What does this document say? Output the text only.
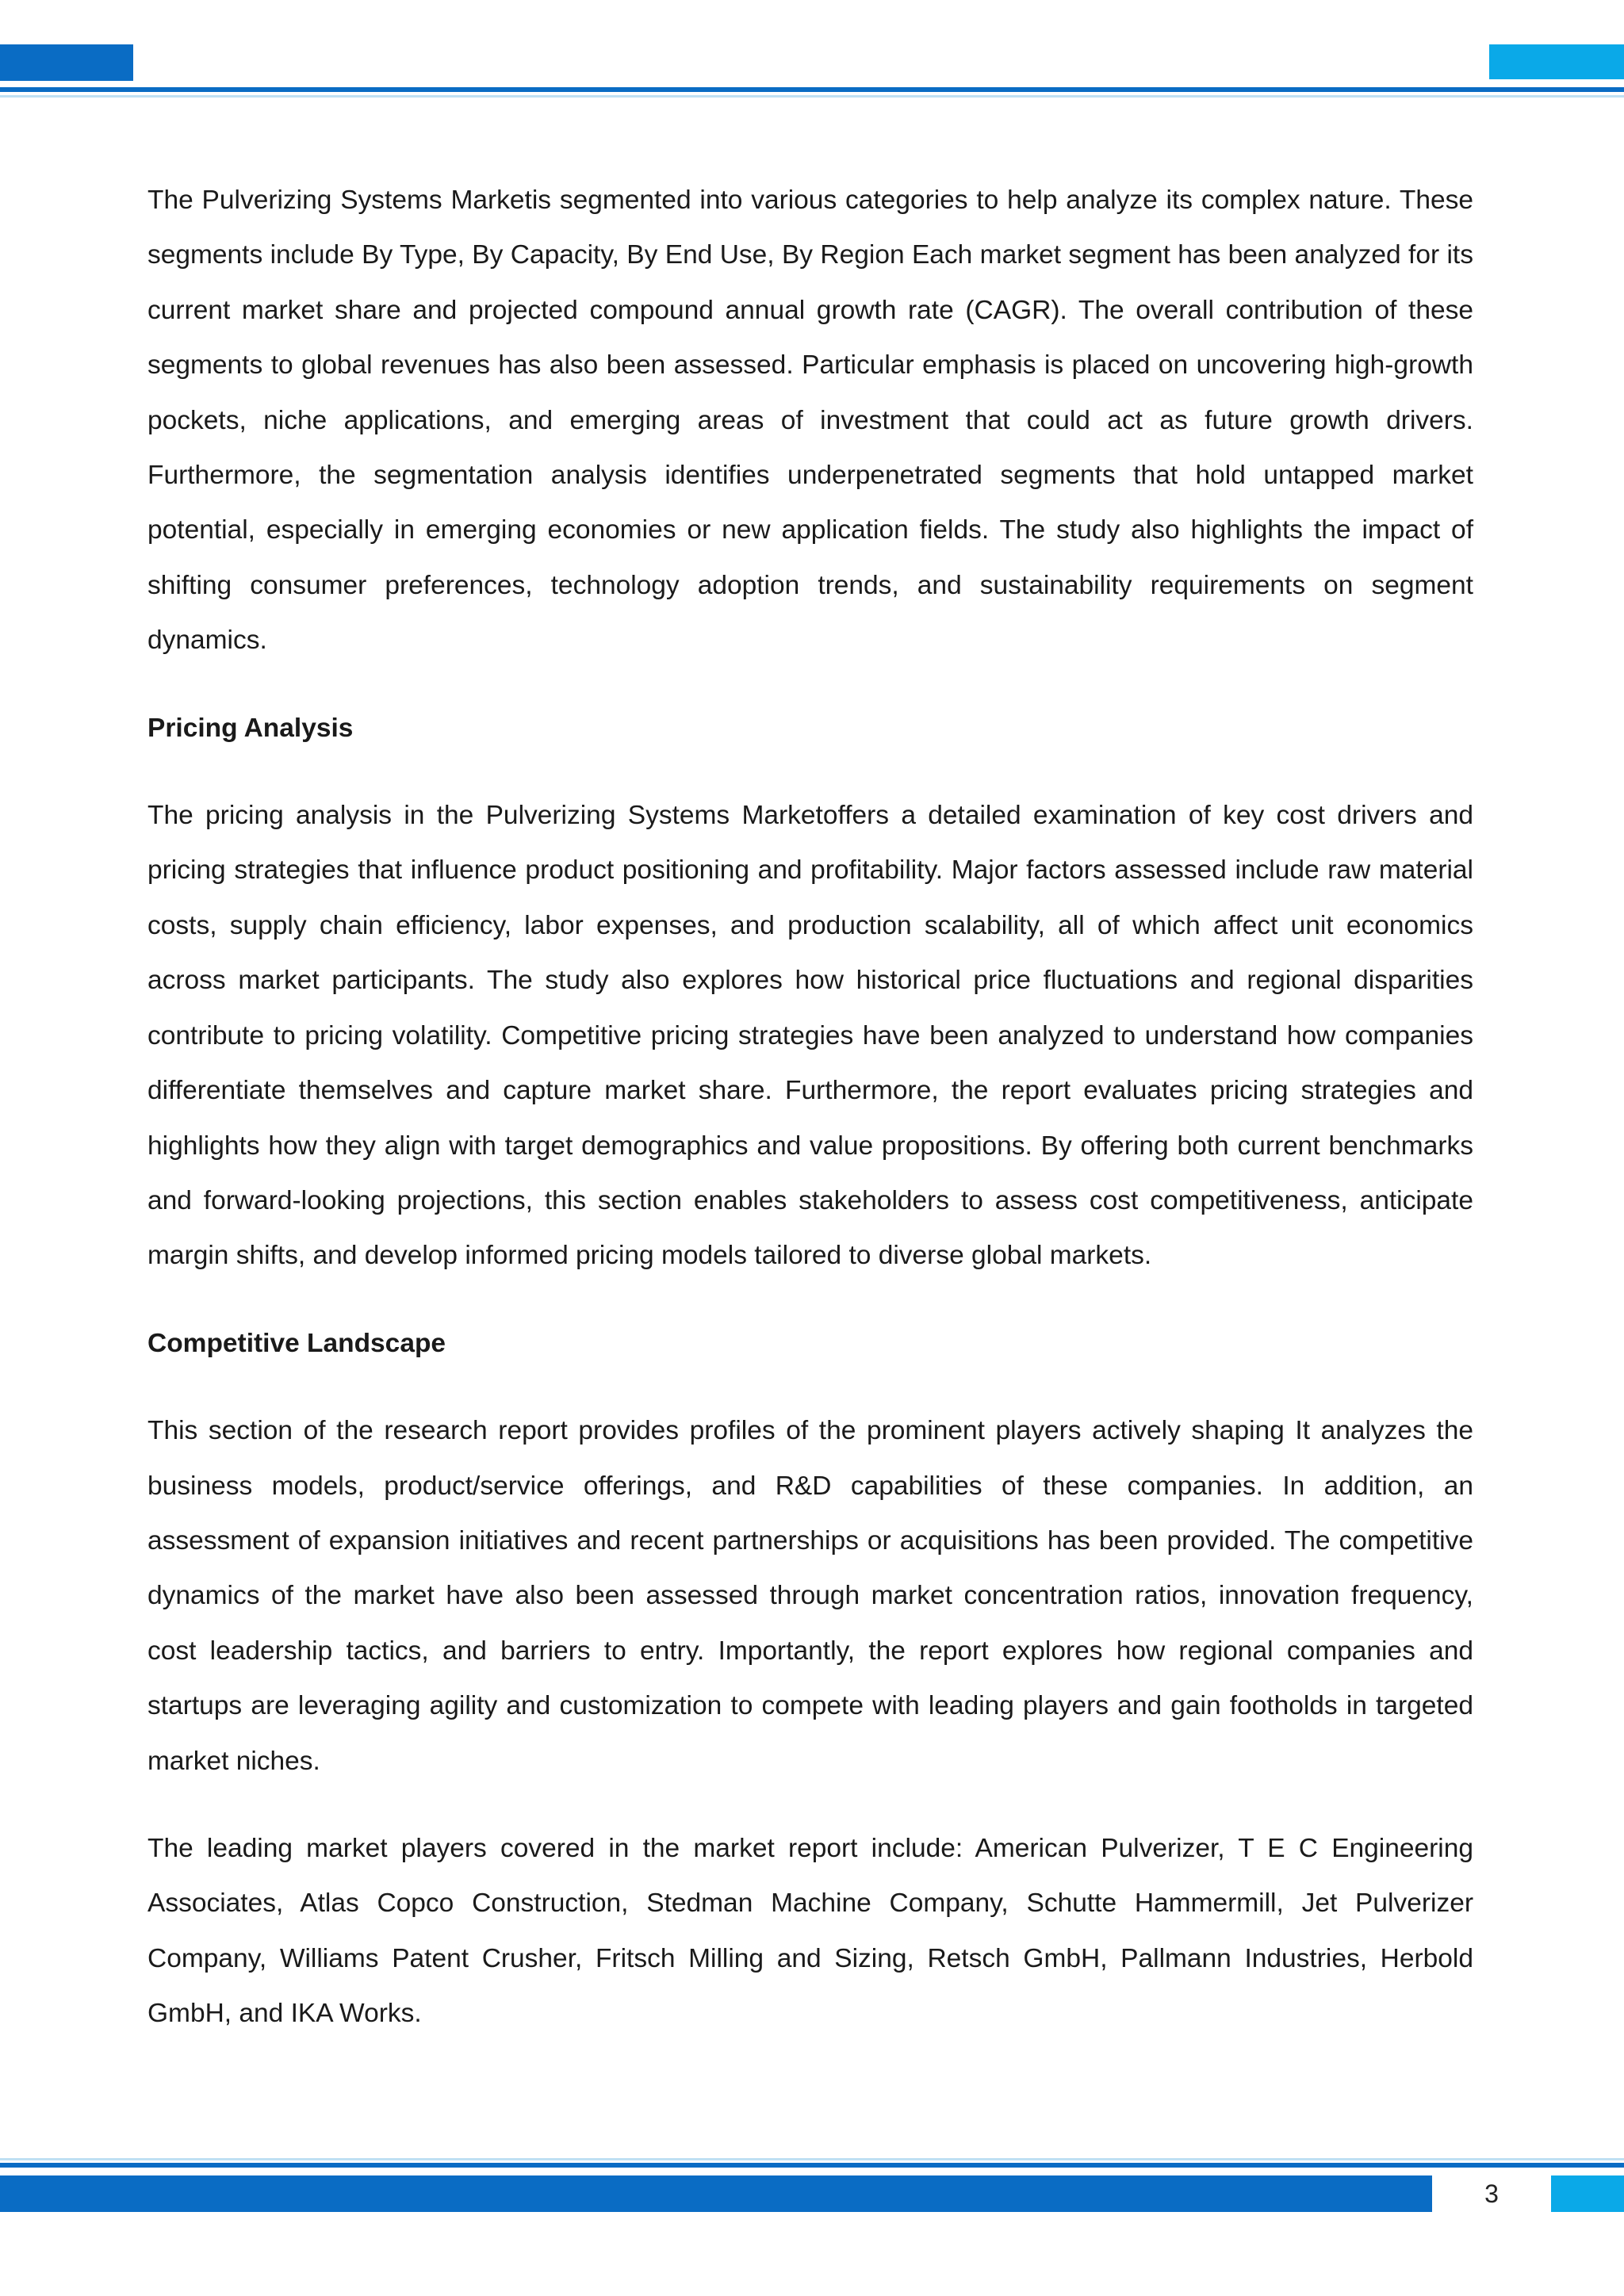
The Pulverizing Systems Marketis segmented into various categories to help analyze its complex nature. These segments include By Type, By Capacity, By End Use, By Region Each market segment has been analyzed for its current market share and projected compound annual growth rate (CAGR). The overall contribution of these segments to global revenues has also been assessed. Particular emphasis is placed on uncovering high-growth pockets, niche applications, and emerging areas of investment that could act as future growth drivers. Furthermore, the segmentation analysis identifies underpenetrated segments that hold untapped market potential, especially in emerging economies or new application fields. The study also highlights the impact of shifting consumer preferences, technology adoption trends, and sustainability requirements on segment dynamics.

Pricing Analysis

The pricing analysis in the Pulverizing Systems Marketoffers a detailed examination of key cost drivers and pricing strategies that influence product positioning and profitability. Major factors assessed include raw material costs, supply chain efficiency, labor expenses, and production scalability, all of which affect unit economics across market participants. The study also explores how historical price fluctuations and regional disparities contribute to pricing volatility. Competitive pricing strategies have been analyzed to understand how companies differentiate themselves and capture market share. Furthermore, the report evaluates pricing strategies and highlights how they align with target demographics and value propositions. By offering both current benchmarks and forward-looking projections, this section enables stakeholders to assess cost competitiveness, anticipate margin shifts, and develop informed pricing models tailored to diverse global markets.

Competitive Landscape

This section of the research report provides profiles of the prominent players actively shaping It analyzes the business models, product/service offerings, and R&D capabilities of these companies. In addition, an assessment of expansion initiatives and recent partnerships or acquisitions has been provided. The competitive dynamics of the market have also been assessed through market concentration ratios, innovation frequency, cost leadership tactics, and barriers to entry. Importantly, the report explores how regional companies and startups are leveraging agility and customization to compete with leading players and gain footholds in targeted market niches.

The leading market players covered in the market report include: American Pulverizer, T E C Engineering Associates, Atlas Copco Construction, Stedman Machine Company, Schutte Hammermill, Jet Pulverizer Company, Williams Patent Crusher, Fritsch Milling and Sizing, Retsch GmbH, Pallmann Industries, Herbold GmbH, and IKA Works.

3
